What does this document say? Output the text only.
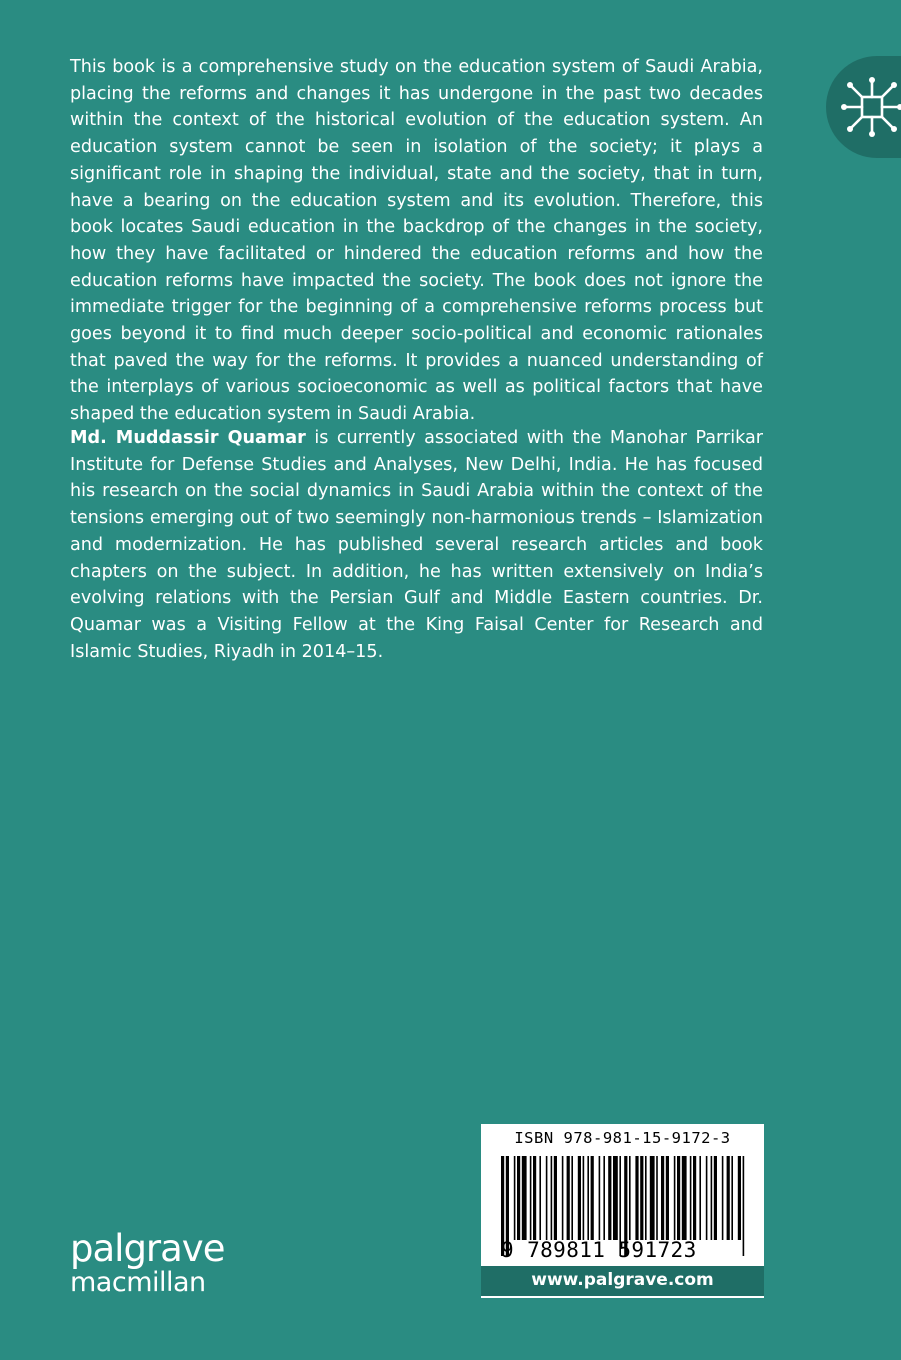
This book is a comprehensive study on the education system of Saudi Arabia, placing the reforms and changes it has undergone in the past two decades within the context of the historical evolution of the education system. An education system cannot be seen in isolation of the society; it plays a significant role in shaping the individual, state and the society, that in turn, have a bearing on the education system and its evolution. Therefore, this book locates Saudi education in the backdrop of the changes in the society, how they have facilitated or hindered the education reforms and how the education reforms have impacted the society. The book does not ignore the immediate trigger for the beginning of a comprehensive reforms process but goes beyond it to find much deeper socio-political and economic rationales that paved the way for the reforms. It provides a nuanced understanding of the interplays of various socioeconomic as well as political factors that have shaped the education system in Saudi Arabia.

Md. Muddassir Quamar is currently associated with the Manohar Parrikar Institute for Defense Studies and Analyses, New Delhi, India. He has focused his research on the social dynamics in Saudi Arabia within the context of the tensions emerging out of two seemingly non-harmonious trends – Islamization and modernization. He has published several research articles and book chapters on the subject. In addition, he has written extensively on India’s evolving relations with the Persian Gulf and Middle Eastern countries. Dr. Quamar was a Visiting Fellow at the King Faisal Center for Research and Islamic Studies, Riyadh in 2014–15.

palgrave
macmillan
ISBN 978-981-15-9172-3
9 789811 591723
www.palgrave.com
